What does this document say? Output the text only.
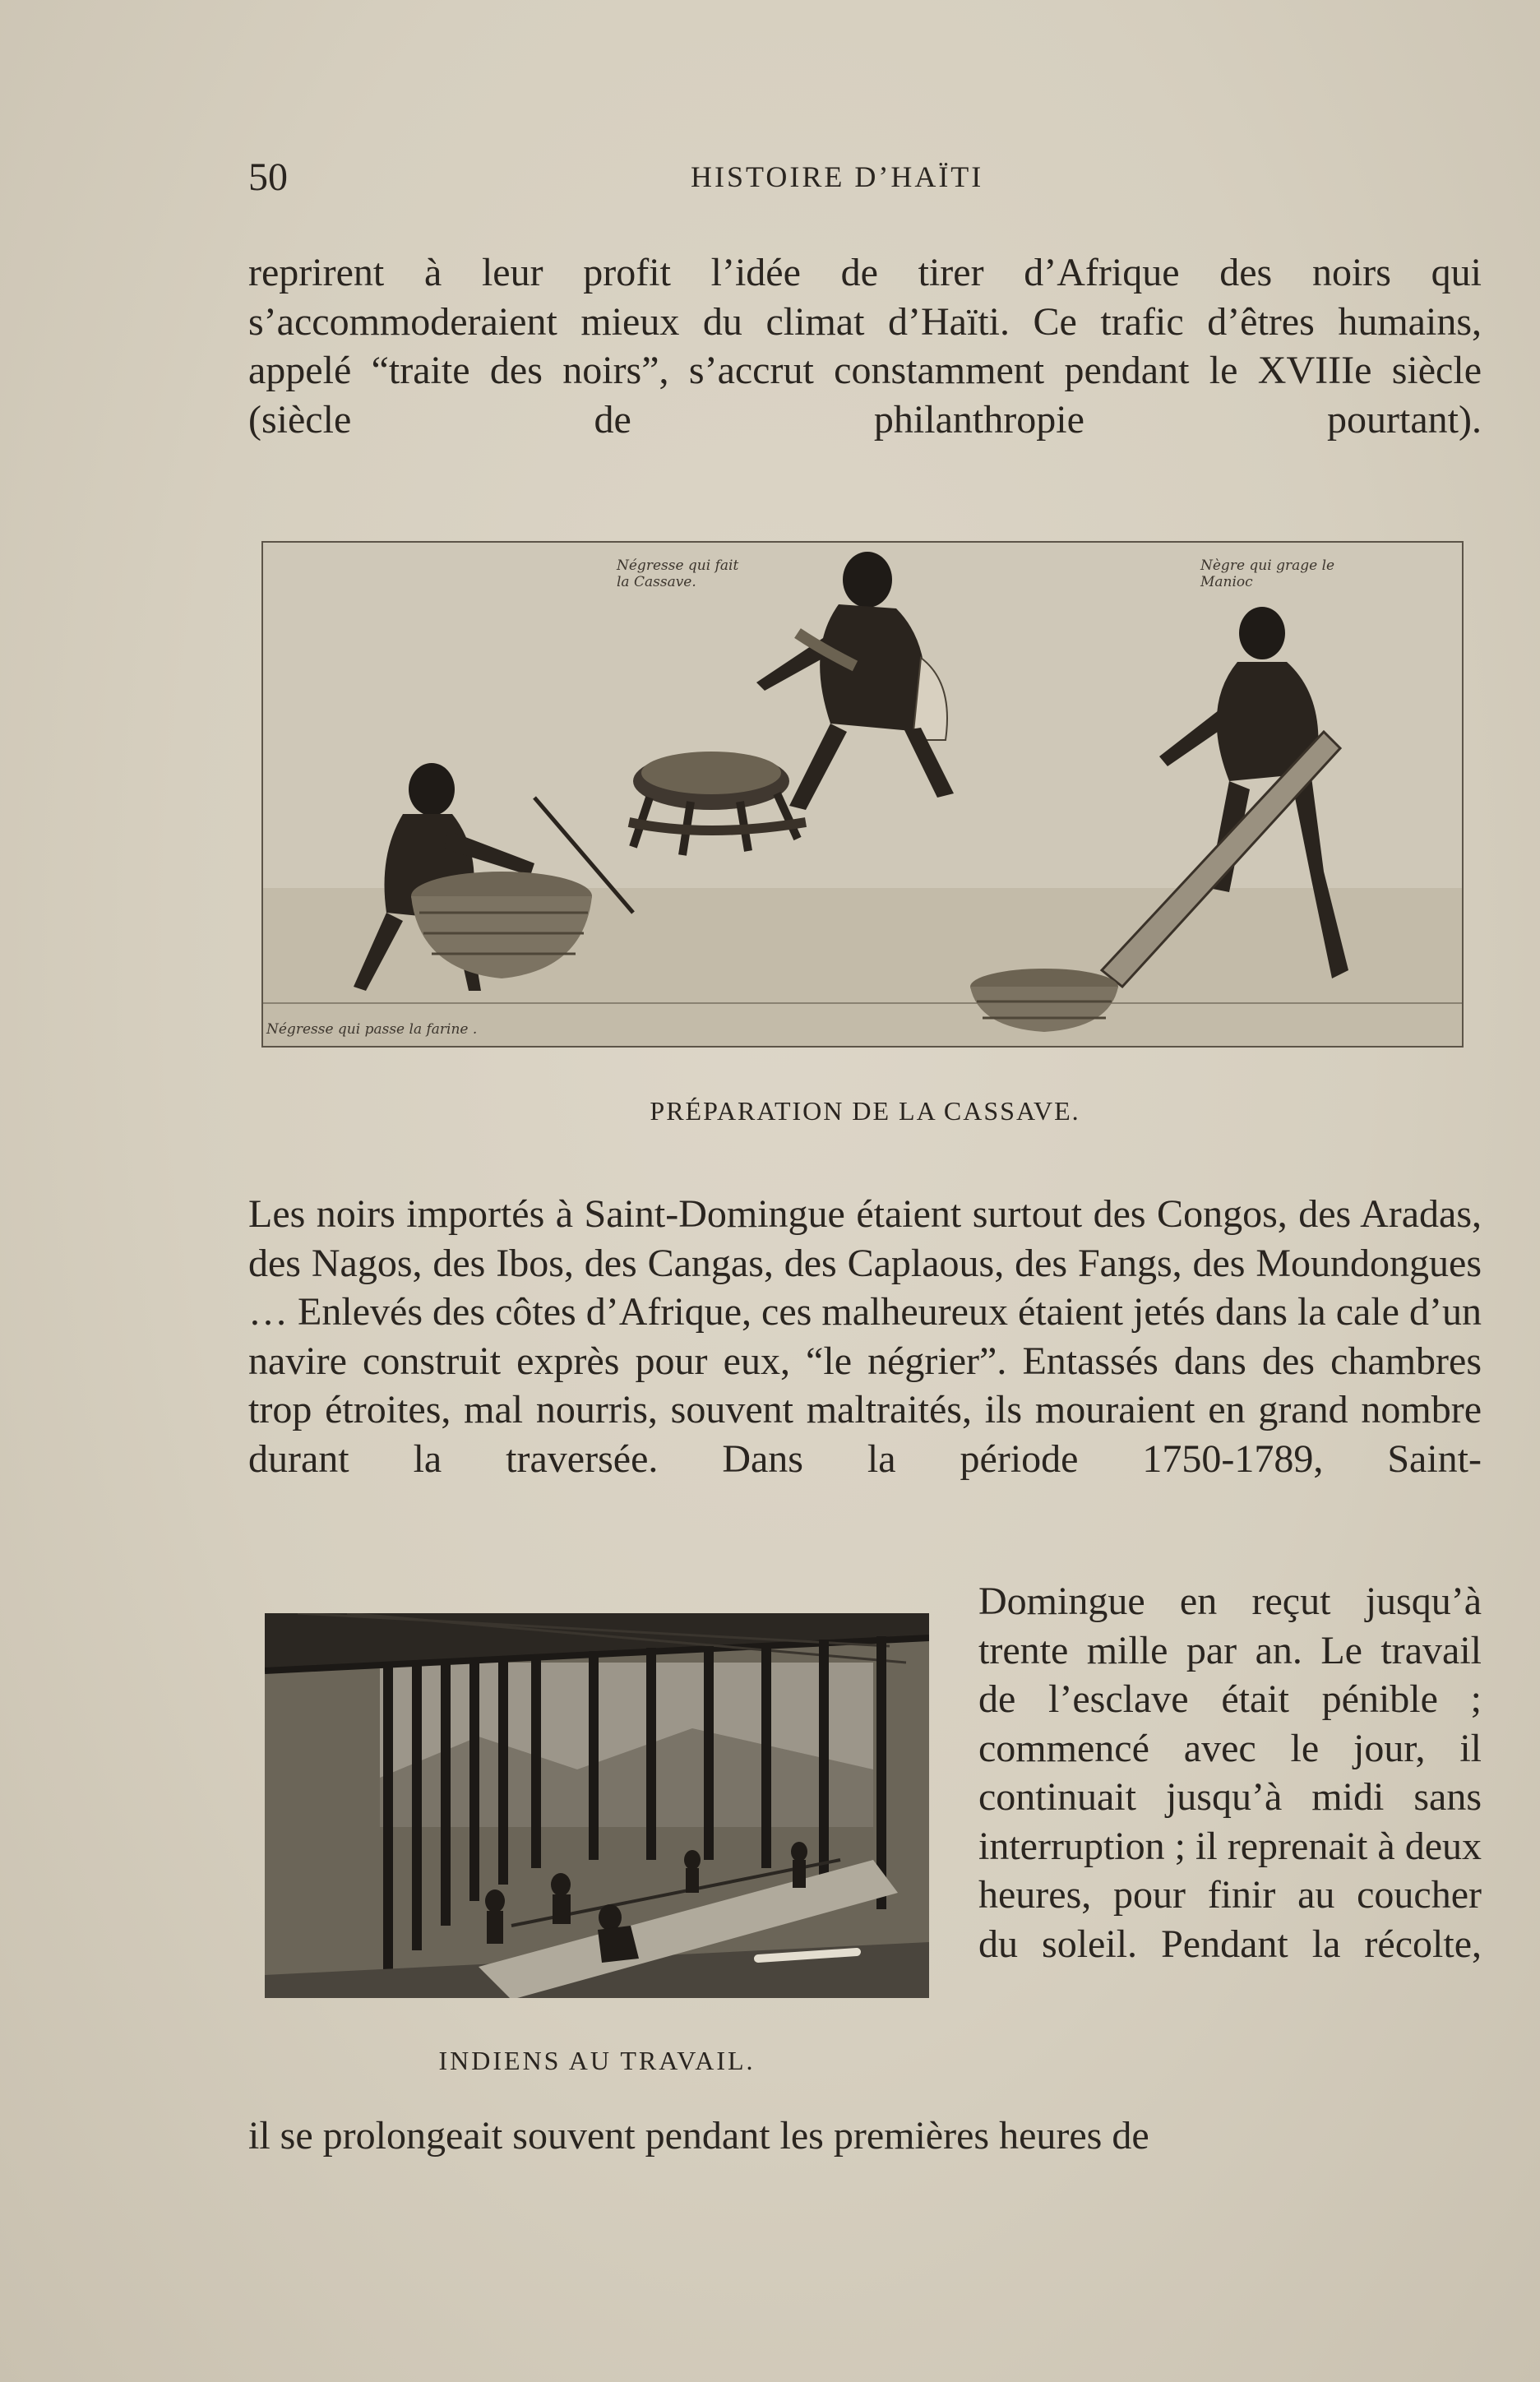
50	HISTOIRE D’HAÏTI

reprirent à leur profit l’idée de tirer d’Afrique des noirs qui s’accommoderaient mieux du climat d’Haïti. Ce trafic d’êtres humains, appelé “traite des noirs”, s’accrut constamment pendant le XVIIIe siècle (siècle de philanthropie pourtant).

Négresse qui fait la Cassave.
Nègre qui grage le Manioc
Négresse qui passe la farine .
PRÉPARATION DE LA CASSAVE.

Les noirs importés à Saint-Domingue étaient surtout des Congos, des Aradas, des Nagos, des Ibos, des Cangas, des Caplaous, des Fangs, des Moundongues … Enlevés des côtes d’Afrique, ces malheureux étaient jetés dans la cale d’un navire construit exprès pour eux, “le négrier”. Entassés dans des chambres trop étroites, mal nourris, souvent maltraités, ils mouraient en grand nombre durant la traversée. Dans la période 1750-1789, Saint-

INDIENS AU TRAVAIL.

Domingue en reçut jusqu’à trente mille par an. Le travail de l’esclave était pénible ; commencé avec le jour, il continuait jusqu’à midi sans interruption ; il reprenait à deux heures, pour finir au coucher du soleil. Pendant la récolte,

il se prolongeait souvent pendant les premières heures de
